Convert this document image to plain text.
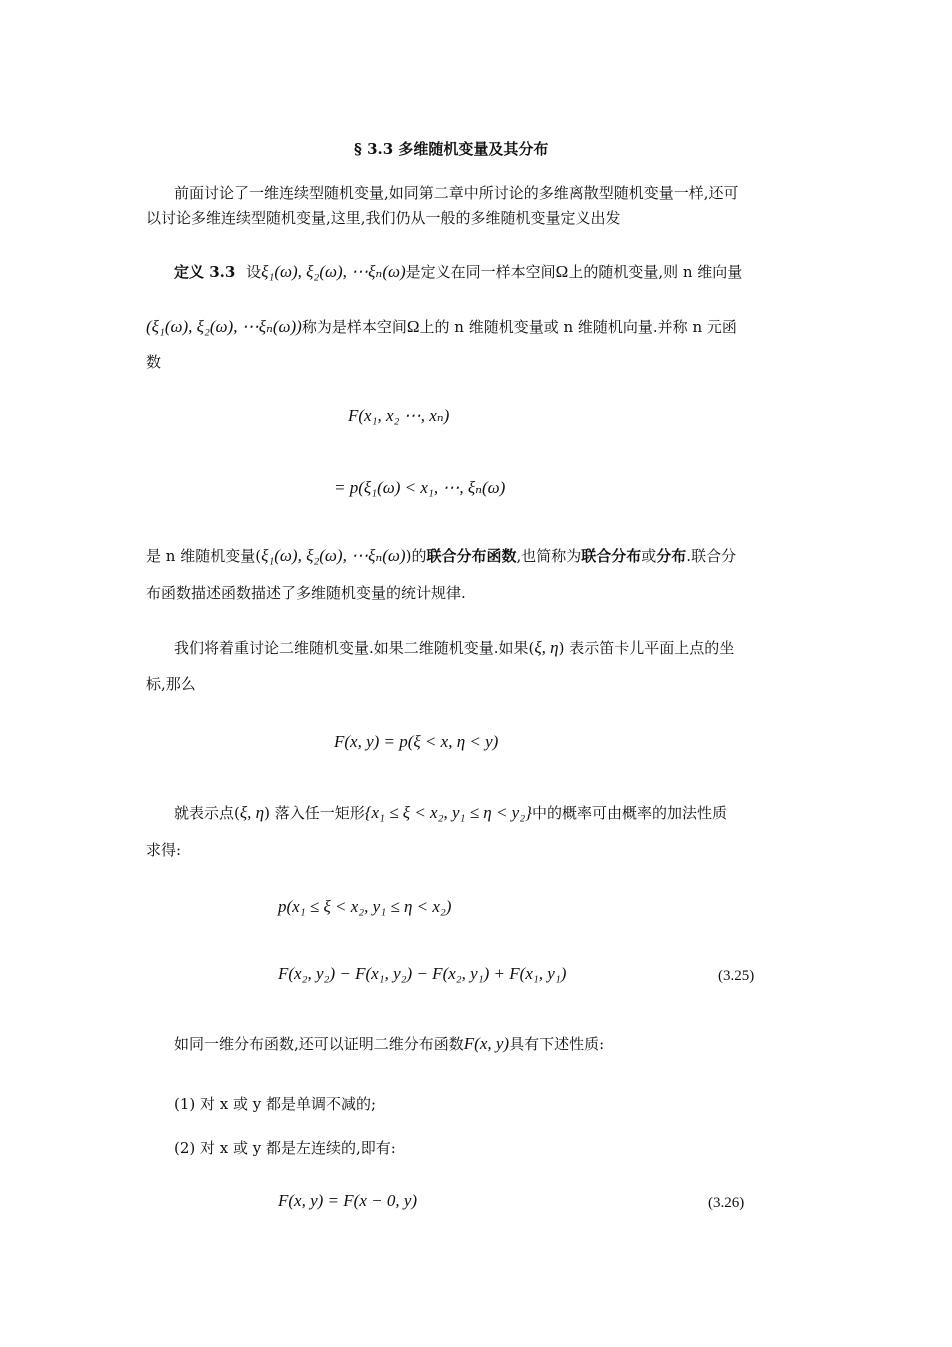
§ 3.3 多维随机变量及其分布
前面讨论了一维连续型随机变量,如同第二章中所讨论的多维离散型随机变量一样,还可
以讨论多维连续型随机变量,这里,我们仍从一般的多维随机变量定义出发
定义 3.3 设ξ₁(ω), ξ₂(ω), ⋯ξₙ(ω)是定义在同一样本空间Ω上的随机变量,则 n 维向量
(ξ₁(ω), ξ₂(ω), ⋯ξₙ(ω))称为是样本空间Ω上的 n 维随机变量或 n 维随机向量.并称 n 元函
数
F(x₁, x₂ ⋯, xₙ)
= p(ξ₁(ω) < x₁, ⋯, ξₙ(ω)
是 n 维随机变量(ξ₁(ω), ξ₂(ω), ⋯ξₙ(ω))的联合分布函数,也简称为联合分布或分布.联合分
布函数描述函数描述了多维随机变量的统计规律.
我们将着重讨论二维随机变量.如果二维随机变量.如果(ξ, η) 表示笛卡儿平面上点的坐
标,那么
F(x, y) = p(ξ < x, η < y)
就表示点(ξ, η) 落入任一矩形{x₁ ≤ ξ < x₂, y₁ ≤ η < y₂}中的概率可由概率的加法性质
求得:
p(x₁ ≤ ξ < x₂, y₁ ≤ η < x₂)
F(x₂, y₂) − F(x₁, y₂) − F(x₂, y₁) + F(x₁, y₁)	(3.25)
如同一维分布函数,还可以证明二维分布函数F(x, y)具有下述性质:
(1) 对 x 或 y 都是单调不减的;
(2) 对 x 或 y 都是左连续的,即有:
F(x, y) = F(x − 0, y)	(3.26)
